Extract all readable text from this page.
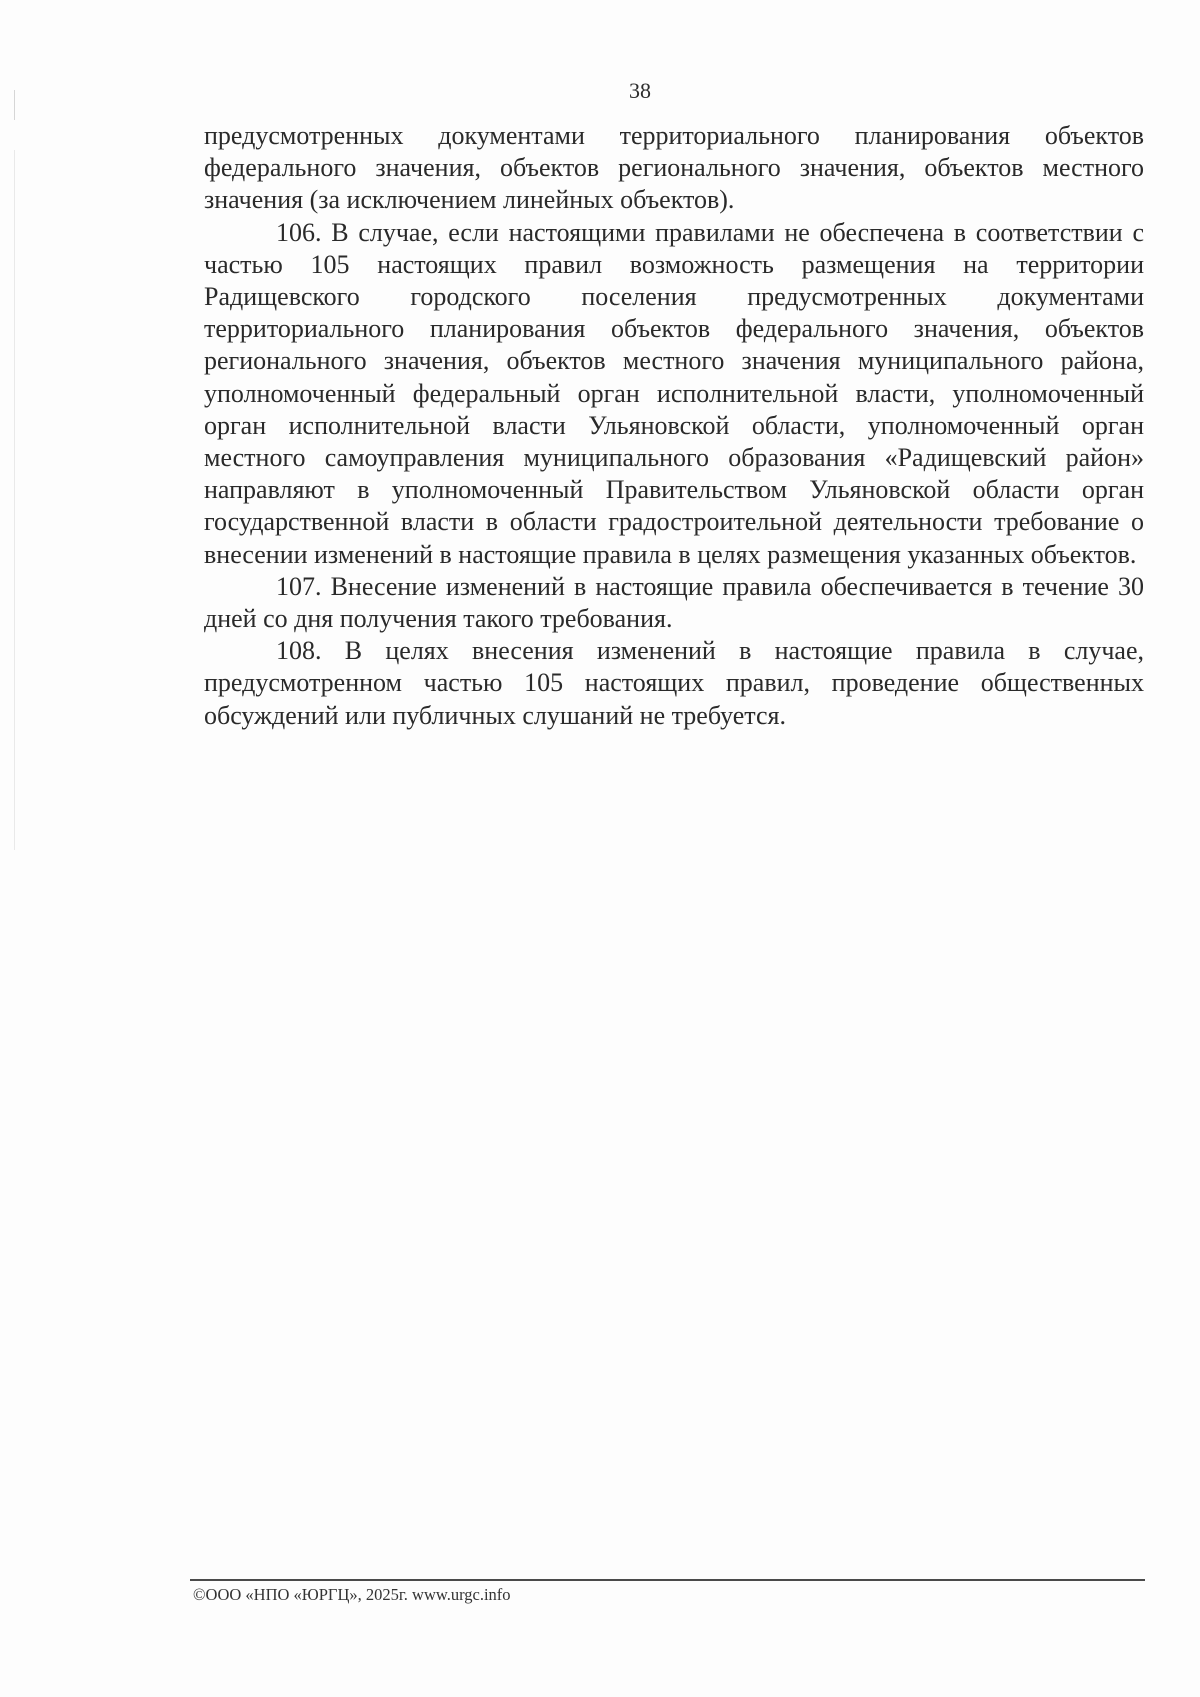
38

предусмотренных документами территориального планирования объектов федерального значения, объектов регионального значения, объектов местного значения (за исключением линейных объектов).

106. В случае, если настоящими правилами не обеспечена в соответствии с частью 105 настоящих правил возможность размещения на территории Радищевского городского поселения предусмотренных документами территориального планирования объектов федерального значения, объектов регионального значения, объектов местного значения муниципального района, уполномоченный федеральный орган исполнительной власти, уполномоченный орган исполнительной власти Ульяновской области, уполномоченный орган местного самоуправления муниципального образования «Радищевский район» направляют в уполномоченный Правительством Ульяновской области орган государственной власти в области градостроительной деятельности требование о внесении изменений в настоящие правила в целях размещения указанных объектов.

107. Внесение изменений в настоящие правила обеспечивается в течение 30 дней со дня получения такого требования.

108. В целях внесения изменений в настоящие правила в случае, предусмотренном частью 105 настоящих правил, проведение общественных обсуждений или публичных слушаний не требуется.

©ООО «НПО «ЮРГЦ», 2025г. www.urgc.info
